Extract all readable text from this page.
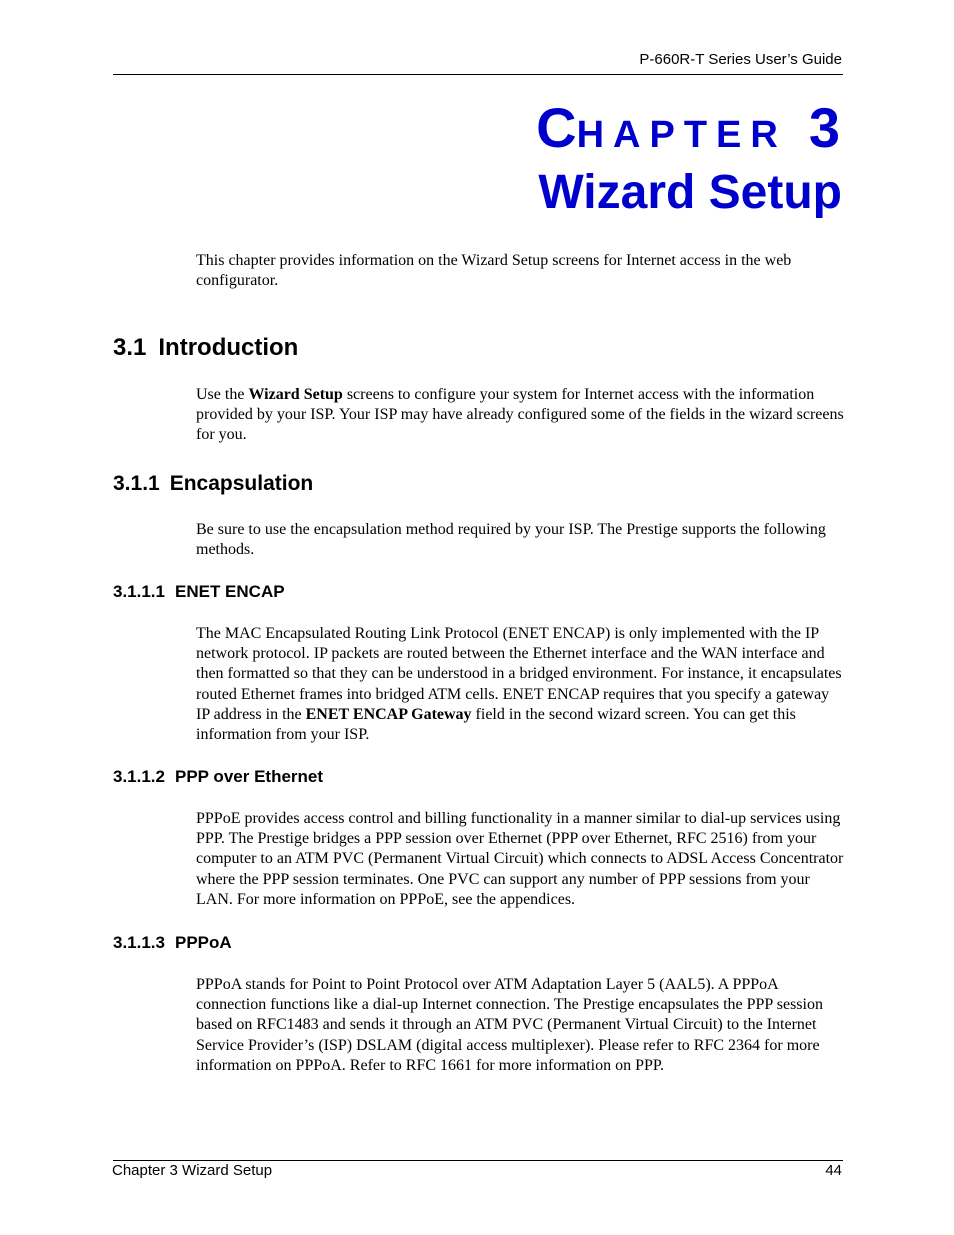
P-660R-T Series User’s Guide
CHAPTER 3
Wizard Setup
This chapter provides information on the Wizard Setup screens for Internet access in the web configurator.
3.1 Introduction
Use the Wizard Setup screens to configure your system for Internet access with the information provided by your ISP. Your ISP may have already configured some of the fields in the wizard screens for you.
3.1.1 Encapsulation
Be sure to use the encapsulation method required by your ISP. The Prestige supports the following methods.
3.1.1.1 ENET ENCAP
The MAC Encapsulated Routing Link Protocol (ENET ENCAP) is only implemented with the IP network protocol. IP packets are routed between the Ethernet interface and the WAN interface and then formatted so that they can be understood in a bridged environment. For instance, it encapsulates routed Ethernet frames into bridged ATM cells. ENET ENCAP requires that you specify a gateway IP address in the ENET ENCAP Gateway field in the second wizard screen. You can get this information from your ISP.
3.1.1.2 PPP over Ethernet
PPPoE provides access control and billing functionality in a manner similar to dial-up services using PPP. The Prestige bridges a PPP session over Ethernet (PPP over Ethernet, RFC 2516) from your computer to an ATM PVC (Permanent Virtual Circuit) which connects to ADSL Access Concentrator where the PPP session terminates. One PVC can support any number of PPP sessions from your LAN. For more information on PPPoE, see the appendices.
3.1.1.3 PPPoA
PPPoA stands for Point to Point Protocol over ATM Adaptation Layer 5 (AAL5). A PPPoA connection functions like a dial-up Internet connection. The Prestige encapsulates the PPP session based on RFC1483 and sends it through an ATM PVC (Permanent Virtual Circuit) to the Internet Service Provider’s (ISP) DSLAM (digital access multiplexer). Please refer to RFC 2364 for more information on PPPoA. Refer to RFC 1661 for more information on PPP.
Chapter 3 Wizard Setup	44
